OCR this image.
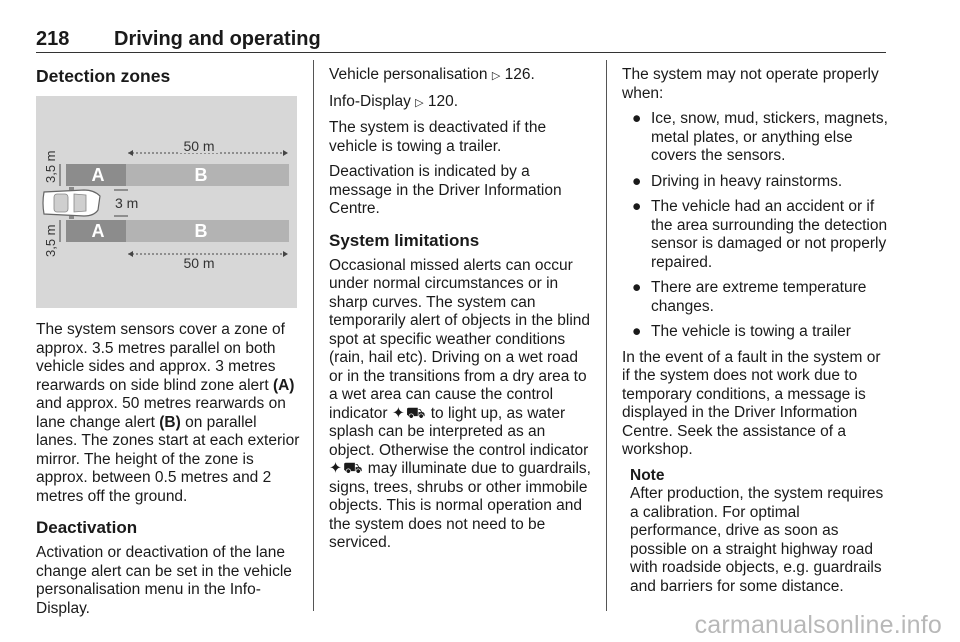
218 Driving and operating
Detection zones
A	B
A	B
50 m
50 m
3,5 m
3,5 m
3 m

The system sensors cover a zone of approx. 3.5 metres parallel on both vehicle sides and approx. 3 metres rearwards on side blind zone alert (A) and approx. 50 metres rearwards on lane change alert (B) on parallel lanes. The zones start at each exterior mirror. The height of the zone is approx. between 0.5 metres and 2 metres off the ground.

Deactivation

Activation or deactivation of the lane change alert can be set in the vehicle personalisation menu in the Info-Display.

Vehicle personalisation ▷ 126.

Info-Display ▷ 120.

The system is deactivated if the vehicle is towing a trailer.

Deactivation is indicated by a message in the Driver Information Centre.

System limitations

Occasional missed alerts can occur under normal circumstances or in sharp curves. The system can temporarily alert of objects in the blind spot at specific weather conditions (rain, hail etc). Driving on a wet road or in the transitions from a dry area to a wet area can cause the control indicator ✦⛟ to light up, as water splash can be interpreted as an object. Otherwise the control indicator ✦⛟ may illuminate due to guardrails, signs, trees, shrubs or other immobile objects. This is normal operation and the system does not need to be serviced.

The system may not operate properly when:

● Ice, snow, mud, stickers, magnets, metal plates, or anything else covers the sensors.
● Driving in heavy rainstorms.
● The vehicle had an accident or if the area surrounding the detection sensor is damaged or not properly repaired.
● There are extreme temperature changes.
● The vehicle is towing a trailer

In the event of a fault in the system or if the system does not work due to temporary conditions, a message is displayed in the Driver Information Centre. Seek the assistance of a workshop.

Note
After production, the system requires a calibration. For optimal performance, drive as soon as possible on a straight highway road with roadside objects, e.g. guardrails and barriers for some distance.
carmanualsonline.info
